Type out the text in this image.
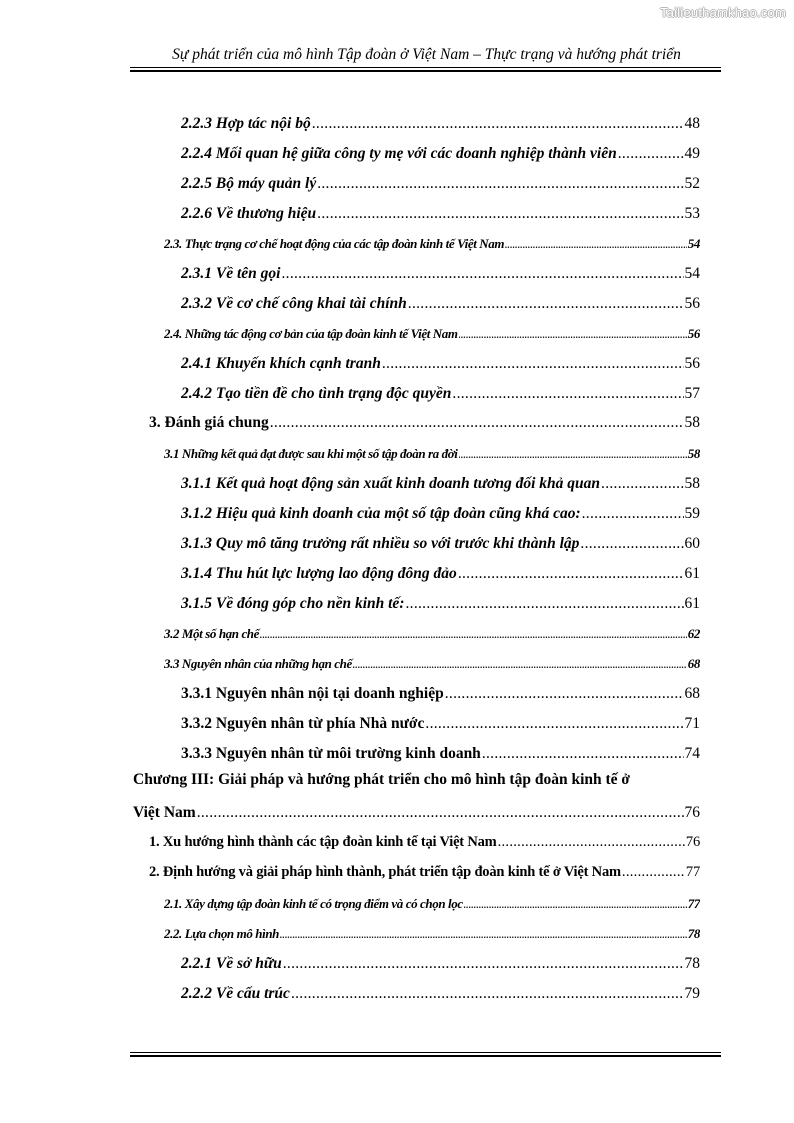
Tailieuthamkhao.com
Sự phát triển của mô hình Tập đoàn ở Việt Nam – Thực trạng và hướng phát triển
2.2.3 Hợp tác nội bộ .....	48
2.2.4 Mối quan hệ giữa công ty mẹ với các doanh nghiệp thành viên .....	49
2.2.5 Bộ máy quản lý .....	52
2.2.6 Về thương hiệu .....	53
2.3. Thực trạng cơ chế hoạt động của các tập đoàn kinh tế Việt Nam .....	54
2.3.1 Về tên gọi .....	54
2.3.2 Về cơ chế công khai tài chính .....	56
2.4. Những tác động cơ bản của tập đoàn kinh tế Việt Nam .....	56
2.4.1 Khuyến khích cạnh tranh .....	56
2.4.2 Tạo tiền đề cho tình trạng độc quyền .....	57
3. Đánh giá chung .....	58
3.1 Những kết quả đạt được sau khi một số tập đoàn ra đời .....	58
3.1.1 Kết quả hoạt động sản xuất kinh doanh tương đối khả quan .....	58
3.1.2 Hiệu quả kinh doanh của một số tập đoàn cũng khá cao: .....	59
3.1.3 Quy mô tăng trưởng rất nhiều so với trước khi thành lập .....	60
3.1.4 Thu hút lực lượng lao động đông đảo .....	61
3.1.5 Về đóng góp cho nền kinh tế: .....	61
3.2 Một số hạn chế .....	62
3.3 Nguyên nhân của những hạn chế .....	68
3.3.1 Nguyên nhân nội tại doanh nghiệp .....	68
3.3.2 Nguyên nhân từ phía Nhà nước .....	71
3.3.3 Nguyên nhân từ môi trường kinh doanh .....	74
Chương III: Giải pháp và hướng phát triển cho mô hình tập đoàn kinh tế ở
Việt Nam .....	76
1. Xu hướng hình thành các tập đoàn kinh tế tại Việt Nam .....	76
2. Định hướng và giải pháp hình thành, phát triển tập đoàn kinh tế ở Việt Nam .....	77
2.1. Xây dựng tập đoàn kinh tế có trọng điểm và có chọn lọc .....	77
2.2. Lựa chọn mô hình .....	78
2.2.1 Về sở hữu .....	78
2.2.2 Về cấu trúc .....	79
